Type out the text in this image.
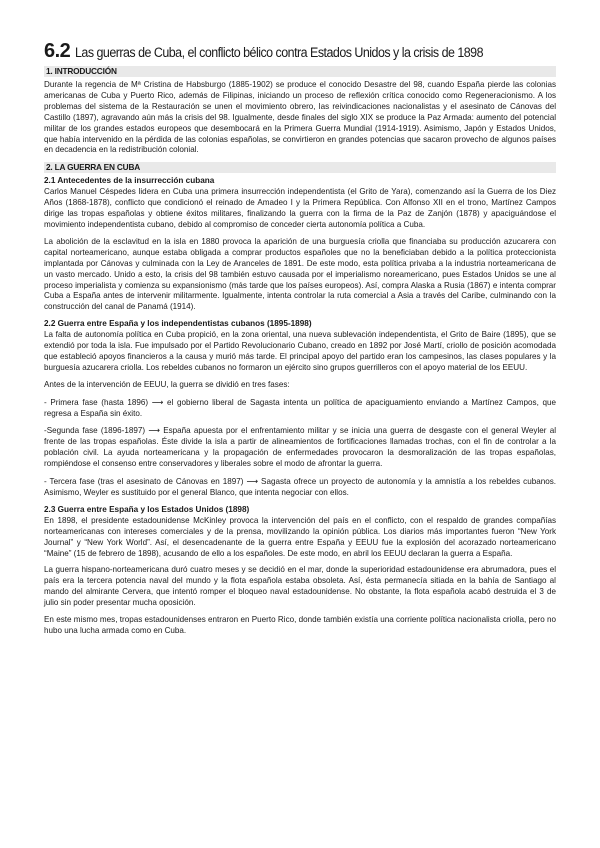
6.2 Las guerras de Cuba, el conflicto bélico contra Estados Unidos y la crisis de 1898
1. INTRODUCCIÓN

Durante la regencia de Mª Cristina de Habsburgo (1885-1902) se produce el conocido Desastre del 98, cuando España pierde las colonias americanas de Cuba y Puerto Rico, además de Filipinas, iniciando un proceso de reflexión crítica conocido como Regeneracionismo. A los problemas del sistema de la Restauración se unen el movimiento obrero, las reivindicaciones nacionalistas y el asesinato de Cánovas del Castillo (1897), agravando aún más la crisis del 98. Igualmente, desde finales del siglo XIX se produce la Paz Armada: aumento del potencial militar de los grandes estados europeos que desembocará en la Primera Guerra Mundial (1914-1919). Asimismo, Japón y Estados Unidos, que había intervenido en la pérdida de las colonias españolas, se convirtieron en grandes potencias que sacaron provecho de algunos países en decadencia en la redistribución colonial.

2. LA GUERRA EN CUBA
2.1 Antecedentes de la insurrección cubana

Carlos Manuel Céspedes lidera en Cuba una primera insurrección independentista (el Grito de Yara), comenzando así la Guerra de los Diez Años (1868-1878), conflicto que condicionó el reinado de Amadeo I y la Primera República. Con Alfonso XII en el trono, Martínez Campos dirige las tropas españolas y obtiene éxitos militares, finalizando la guerra con la firma de la Paz de Zanjón (1878) y apaciguándose el movimiento independentista cubano, debido al compromiso de conceder cierta autonomía política a Cuba.

La abolición de la esclavitud en la isla en 1880 provoca la aparición de una burguesía criolla que financiaba su producción azucarera con capital norteamericano, aunque estaba obligada a comprar productos españoles que no la beneficiaban debido a la política proteccionista implantada por Cánovas y culminada con la Ley de Aranceles de 1891. De este modo, esta política privaba a la industria norteamericana de un vasto mercado. Unido a esto, la crisis del 98 también estuvo causada por el imperialismo noreamericano, pues Estados Unidos se une al proceso imperialista y comienza su expansionismo (más tarde que los países europeos). Así, compra Alaska a Rusia (1867) e intenta comprar Cuba a España antes de intervenir militarmente. Igualmente, intenta controlar la ruta comercial a Asia a través del Caribe, culminando con la construcción del canal de Panamá (1914).

2.2 Guerra entre España y los independentistas cubanos (1895-1898)

La falta de autonomía política en Cuba propició, en la zona oriental, una nueva sublevación independentista, el Grito de Baire (1895), que se extendió por toda la isla. Fue impulsado por el Partido Revolucionario Cubano, creado en 1892 por José Martí, criollo de posición acomodada que estableció apoyos financieros a la causa y murió más tarde. El principal apoyo del partido eran los campesinos, las clases populares y la burguesía azucarera criolla. Los rebeldes cubanos no formaron un ejército sino grupos guerrilleros con el apoyo material de los EEUU.

Antes de la intervención de EEUU, la guerra se dividió en tres fases:

- Primera fase (hasta 1896) ⟶ el gobierno liberal de Sagasta intenta un política de apaciguamiento enviando a Martínez Campos, que regresa a España sin éxito.

-Segunda fase (1896-1897) ⟶ España apuesta por el enfrentamiento militar y se inicia una guerra de desgaste con el general Weyler al frente de las tropas españolas. Éste divide la isla a partir de alineamientos de fortificaciones llamadas trochas, con el fin de controlar a la población civil. La ayuda norteamericana y la propagación de enfermedades provocaron la desmoralización de las tropas españolas, rompiéndose el consenso entre conservadores y liberales sobre el modo de afrontar la guerra.

- Tercera fase (tras el asesinato de Cánovas en 1897) ⟶ Sagasta ofrece un proyecto de autonomía y la amnistía a los rebeldes cubanos. Asimismo, Weyler es sustituido por el general Blanco, que intenta negociar con ellos.

2.3 Guerra entre España y los Estados Unidos (1898)

En 1898, el presidente estadounidense McKinley provoca la intervención del país en el conflicto, con el respaldo de grandes compañías norteamericanas con intereses comerciales y de la prensa, movilizando la opinión pública. Los diarios más importantes fueron “New York Journal” y “New York World”. Así, el desencadenante de la guerra entre España y EEUU fue la explosión del acorazado norteamericano “Maine” (15 de febrero de 1898), acusando de ello a los españoles. De este modo, en abril los EEUU declaran la guerra a España.

La guerra hispano-norteamericana duró cuatro meses y se decidió en el mar, donde la superioridad estadounidense era abrumadora, pues el país era la tercera potencia naval del mundo y la flota española estaba obsoleta. Así, ésta permanecía sitiada en la bahía de Santiago al mando del almirante Cervera, que intentó romper el bloqueo naval estadounidense. No obstante, la flota española acabó destruida el 3 de julio sin poder presentar mucha oposición.

En este mismo mes, tropas estadounidenses entraron en Puerto Rico, donde también existía una corriente política nacionalista criolla, pero no hubo una lucha armada como en Cuba.
